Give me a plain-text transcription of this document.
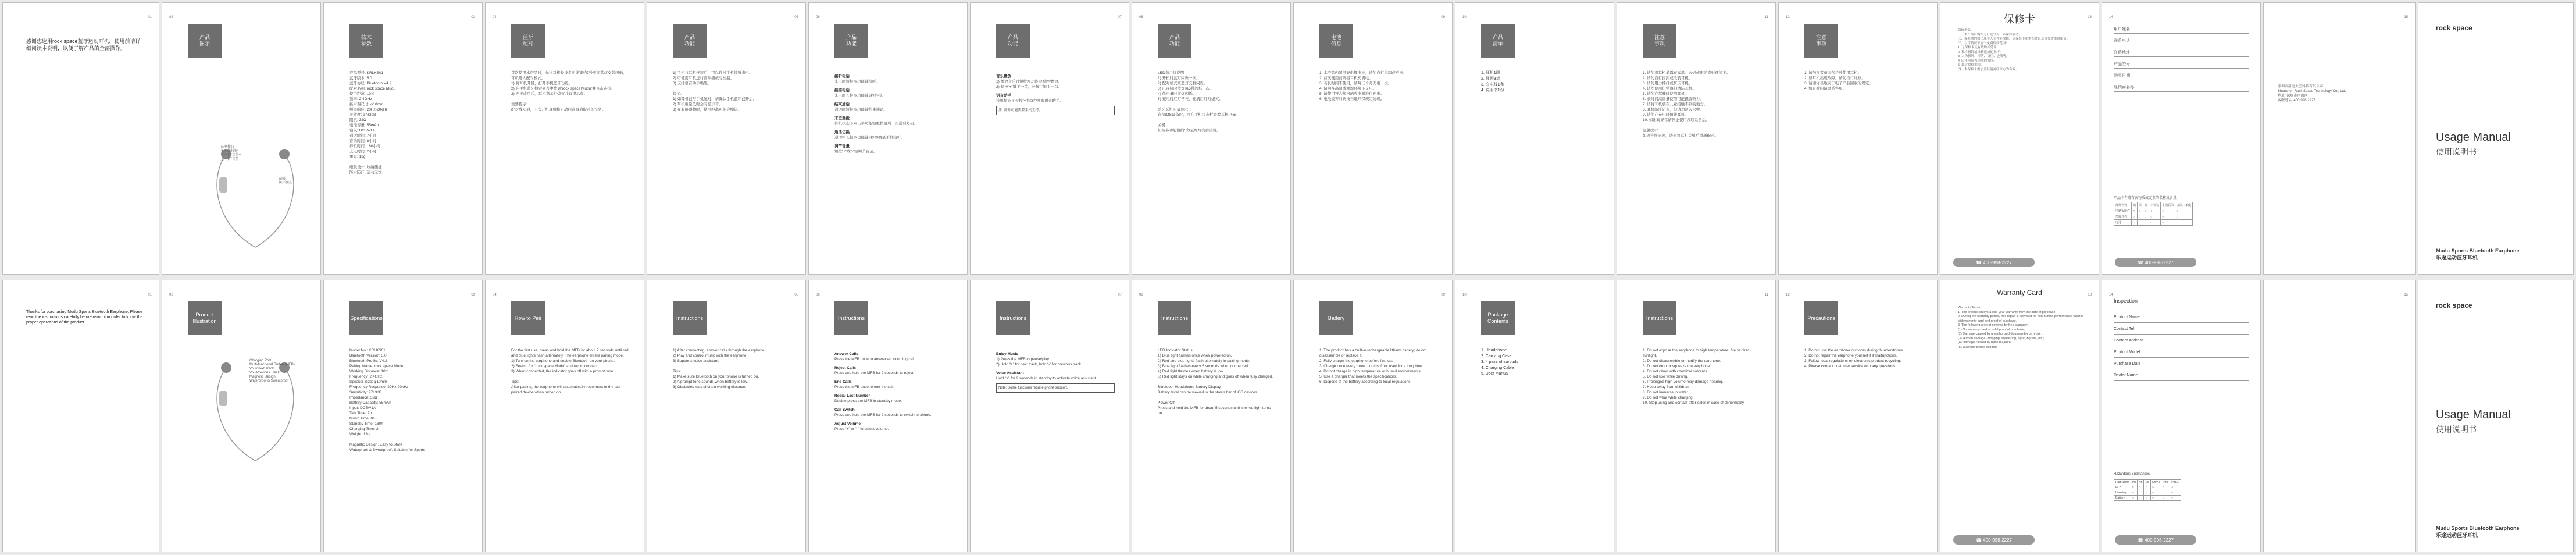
01
感谢您选用rock space蓝牙运动耳机，使用前请详细阅读本说明，以便了解产品的全部操作。
02
产品
图示
充电接口
多功能按键
下一首/音量+
上一首/音量-
磁吸
防汗防水
03
技术
参数
产品型号: KRLKS01
蓝牙版本: 5.0
蓝牙协议: Bluetooth V4.2
配对名称: rock space Mudu
使用距离: 10米
频率: 2.4GHz
扬声器尺寸: φ10mm
频率响应: 20Hz-20kHz
灵敏度: 97±3dB
阻抗: 32Ω
电池容量: 55mAh
输入: DC5V/1A
通话时间: 7小时
音乐时间: 8小时
待机时间: 180小时
充电时间: 2小时
重量: 13g

磁吸设计, 收纳便捷
防水防汗, 运动无忧
04
蓝牙
配对
首次使用本产品时，先将耳机长按多功能键约7秒至红蓝灯交替闪烁，耳机进入配对模式。
1) 将耳机开机，打开手机蓝牙功能。
2) 在手机蓝牙搜索列表中找到“rock space Mudu”并点击连接。
3) 连接成功后，耳机指示灯熄灭并有提示音。

重要提示:
配对成功后，下次开机耳机将自动回连最后配对的设备。
05
产品
功能
1) 手机与耳机连接后，可以通过手机接听来电。
2) 可使用耳机进行音乐播放与控制。
3) 支持语音助手唤醒。

提示:
1) 如耳机已与手机配对，请确认手机蓝牙已开启。
2) 耳机电量低时会有提示音。
3) 在有障碍物时，使用距离可能会缩短。
06
产品
功能
接听电话
来电时短按多功能键接听。
拒接电话
来电时长按多功能键2秒拒接。
结束通话
通话时短按多功能键结束通话。
末位重拨
待机状态下双击多功能键重拨最后一次通话号码。
通话切换
通话中长按多功能键2秒切换至手机接听。
调节音量
短按“+”或“-”键调节音量。
07
产品
功能
音乐播放
1) 播放音乐时短按多功能键暂停/播放。
2) 长按“+”键下一首，长按“-”键上一首。
语音助手
待机状态下长按“+”键2秒唤醒语音助手。
注: 部分功能需要手机支持。
08
产品
功能
LED指示灯说明
1) 开机时蓝灯闪烁一次。
2) 配对模式红蓝灯交替闪烁。
3) 已连接时蓝灯每5秒闪烁一次。
4) 低电量时红灯闪烁。
5) 充电时红灯常亮，充满后红灯熄灭。

蓝牙耳机电量显示
连接iOS设备时，可在手机状态栏查看耳机电量。

关机
长按多功能键约5秒至红灯亮后关机。
09
电池
信息
1. 本产品内置可充电锂电池，请勿自行拆卸或更换。
2. 首次使用前请将耳机充满电。
3. 若长时间不使用，请每三个月充电一次。
4. 请勿在高温或潮湿环境下充电。
5. 请使用符合规格的充电器进行充电。
6. 电池废弃时请按当地环保规定处理。
10
产品
清单
1. 耳机1副
2. 耳帽3对
3. 充电线1条
4. 说明书1份
11
注意
事项
1. 请勿将耳机暴露在高温、火焰或阳光直射环境下。
2. 请勿自行拆卸或改装耳机。
3. 请勿用力摔打或挤压耳机。
4. 请勿使用化学溶剂清洁耳机。
5. 请勿在驾驶时使用耳机。
6. 长时间高音量使用可能损害听力。
7. 请将耳机放在儿童接触不到的地方。
8. 耳机防汗防水，但请勿浸入水中。
9. 请勿在充电时佩戴耳机。
10. 如出现异常请停止使用并联系售后。

温馨提示:
如遇连接问题，请先将耳机关机后重新配对。
12
注意
事项
1. 请勿在雷雨天气户外使用耳机。
2. 如耳机出现故障，请勿自行维修。
3. 请遵守当地关于电子产品回收的规定。
4. 如有疑问请联系客服。
13
保修卡
保修条款:
一、本产品自购买之日起享有一年保修服务。
二、保修期内如出现非人为性能故障，凭保修卡和购买凭证享受免费维修服务。
三、以下情况不属于免费保修范围:
1. 无保修卡及有效购买凭证;
2. 私自拆卸或维修造成的损坏;
3. 人为损坏、摔落、挤压、进液等;
4. 因不可抗力造成的损坏;
5. 超过保修期限。
四、本保修卡需加盖经销商印章方为有效。
☎ 400-998-2227
14
用户姓名
联系电话
联系地址
产品型号
购买日期
经销商名称
产品中有毒有害物质或元素的名称及含量
部件名称	铅	汞	镉	六价铬	多溴联苯	多溴二苯醚
电路板组件	×	○	○	○	○	○
塑胶外壳	○	○	○	○	○	○
电池	○	○	○	○	○	○
☎ 400-998-2227
15
深圳市洛克太空科技有限公司
Shenzhen Rock Space Technology Co., Ltd.
地址: 深圳市南山区
客服电话: 400-998-2227
rock space
Usage Manual
使用说明书
Mudu Sports Bluetooth Earphone
乐途运动蓝牙耳机
01
Thanks for purchasing Mudu Sports Bluetooth Earphone. Please read the instructions carefully before using it in order to know the proper operations of the product.
02
Product
Illustration
Charging Port
Multi-functional Button (MFB)
Vol+/Next Track
Vol-/Previous Track
Magnetic Design
Waterproof & Sweatproof
03
Specifications
Model No.: KRLKS01
Bluetooth Version: 5.0
Bluetooth Profile: V4.2
Pairing Name: rock space Mudu
Working Distance: 10m
Frequency: 2.4GHz
Speaker Size: φ10mm
Frequency Response: 20Hz-20kHz
Sensitivity: 97±3dB
Impedance: 32Ω
Battery Capacity: 55mAh
Input: DC5V/1A
Talk Time: 7h
Music Time: 8h
Standby Time: 180h
Charging Time: 2h
Weight: 13g

Magnetic Design, Easy to Store
Waterproof & Sweatproof, Suitable for Sports
04
How to Pair
For the first use, press and hold the MFB for about 7 seconds until red and blue lights flash alternately. The earphone enters pairing mode.
1) Turn on the earphone and enable Bluetooth on your phone.
2) Search for “rock space Mudu” and tap to connect.
3) When connected, the indicator goes off with a prompt tone.

Tips:
After pairing, the earphone will automatically reconnect to the last paired device when turned on.
05
Instructions
1) After connecting, answer calls through the earphone.
2) Play and control music with the earphone.
3) Supports voice assistant.

Tips:
1) Make sure Bluetooth on your phone is turned on.
2) A prompt tone sounds when battery is low.
3) Obstacles may shorten working distance.
06
Instructions
Answer Calls
Press the MFB once to answer an incoming call.
Reject Calls
Press and hold the MFB for 2 seconds to reject.
End Calls
Press the MFB once to end the call.
Redial Last Number
Double press the MFB in standby mode.
Call Switch
Press and hold the MFB for 2 seconds to switch to phone.
Adjust Volume
Press “+” or “-” to adjust volume.
07
Instructions
Enjoy Music
1) Press the MFB to pause/play.
2) Hold “+” for next track, hold “-” for previous track.
Voice Assistant
Hold “+” for 2 seconds in standby to activate voice assistant.
Note: Some functions require phone support.
08
Instructions
LED Indicator Status
1) Blue light flashes once when powered on.
2) Red and blue lights flash alternately in pairing mode.
3) Blue light flashes every 5 seconds when connected.
4) Red light flashes when battery is low.
5) Red light stays on while charging and goes off when fully charged.

Bluetooth Headphone Battery Display
Battery level can be viewed in the status bar of iOS devices.

Power Off
Press and hold the MFB for about 5 seconds until the red light turns on.
09
Battery
1. The product has a built-in rechargeable lithium battery; do not disassemble or replace it.
2. Fully charge the earphone before first use.
3. Charge once every three months if not used for a long time.
4. Do not charge in high temperature or humid environments.
5. Use a charger that meets the specifications.
6. Dispose of the battery according to local regulations.
10
Package
Contents
1. Headphone
2. Carrying Case
3. 4 pairs of earbuds
4. Charging Cable
5. User Manual
11
Instructions
1. Do not expose the earphone to high temperature, fire or direct sunlight.
2. Do not disassemble or modify the earphone.
3. Do not drop or squeeze the earphone.
4. Do not clean with chemical solvents.
5. Do not use while driving.
6. Prolonged high volume may damage hearing.
7. Keep away from children.
8. Do not immerse in water.
9. Do not wear while charging.
10. Stop using and contact after-sales in case of abnormality.
12
Precautions
1. Do not use the earphone outdoors during thunderstorms.
2. Do not repair the earphone yourself if it malfunctions.
3. Follow local regulations on electronic product recycling.
4. Please contact customer service with any questions.
13
Warranty Card
Warranty Terms:
1. The product enjoys a one-year warranty from the date of purchase.
2. During the warranty period, free repair is provided for non-human performance failures with warranty card and proof of purchase.
3. The following are not covered by free warranty:
(1) No warranty card or valid proof of purchase;
(2) Damage caused by unauthorized disassembly or repair;
(3) Human damage, dropping, squeezing, liquid ingress, etc.;
(4) Damage caused by force majeure;
(5) Warranty period expired.
☎ 400-998-2227
14
Inspection
Product Name
Contact Tel
Contact Address
Product Model
Purchase Date
Dealer Name
Hazardous Substances
Part Name	Pb	Hg	Cd	Cr(VI)	PBB	PBDE
PCB	×	○	○	○	○	○
Housing	○	○	○	○	○	○
Battery	○	○	○	○	○	○
☎ 400-998-2227
15
rock space
Usage Manual
使用说明书
Mudu Sports Bluetooth Earphone
乐途运动蓝牙耳机
